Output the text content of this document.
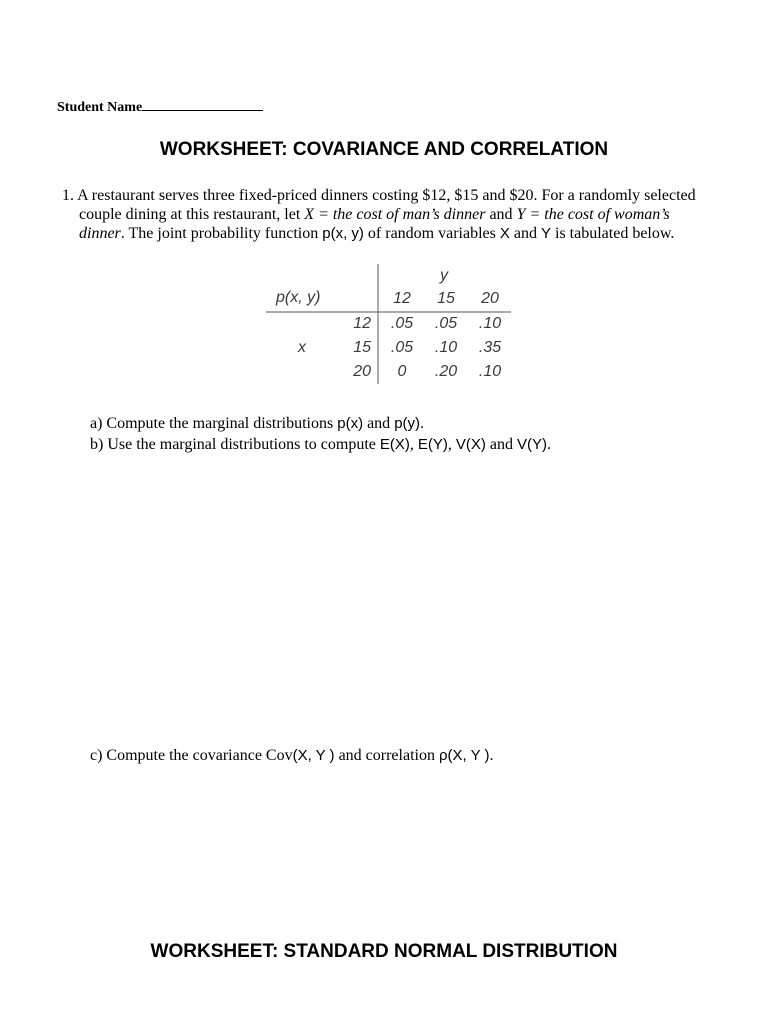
Student Name
WORKSHEET: COVARIANCE AND CORRELATION
1. A restaurant serves three fixed-priced dinners costing $12, $15 and $20. For a randomly selected
couple dining at this restaurant, let X = the cost of man’s dinner and Y = the cost of woman’s
dinner. The joint probability function p(x, y) of random variables X and Y is tabulated below.
p(x, y)
y
x
12 15 20
12 .05 .05 .10
15 .05 .10 .35
20 0 .20 .10
a) Compute the marginal distributions p(x) and p(y).
b) Use the marginal distributions to compute E(X), E(Y), V(X) and V(Y).
c) Compute the covariance Cov(X, Y ) and correlation ρ(X, Y ).
WORKSHEET: STANDARD NORMAL DISTRIBUTION
